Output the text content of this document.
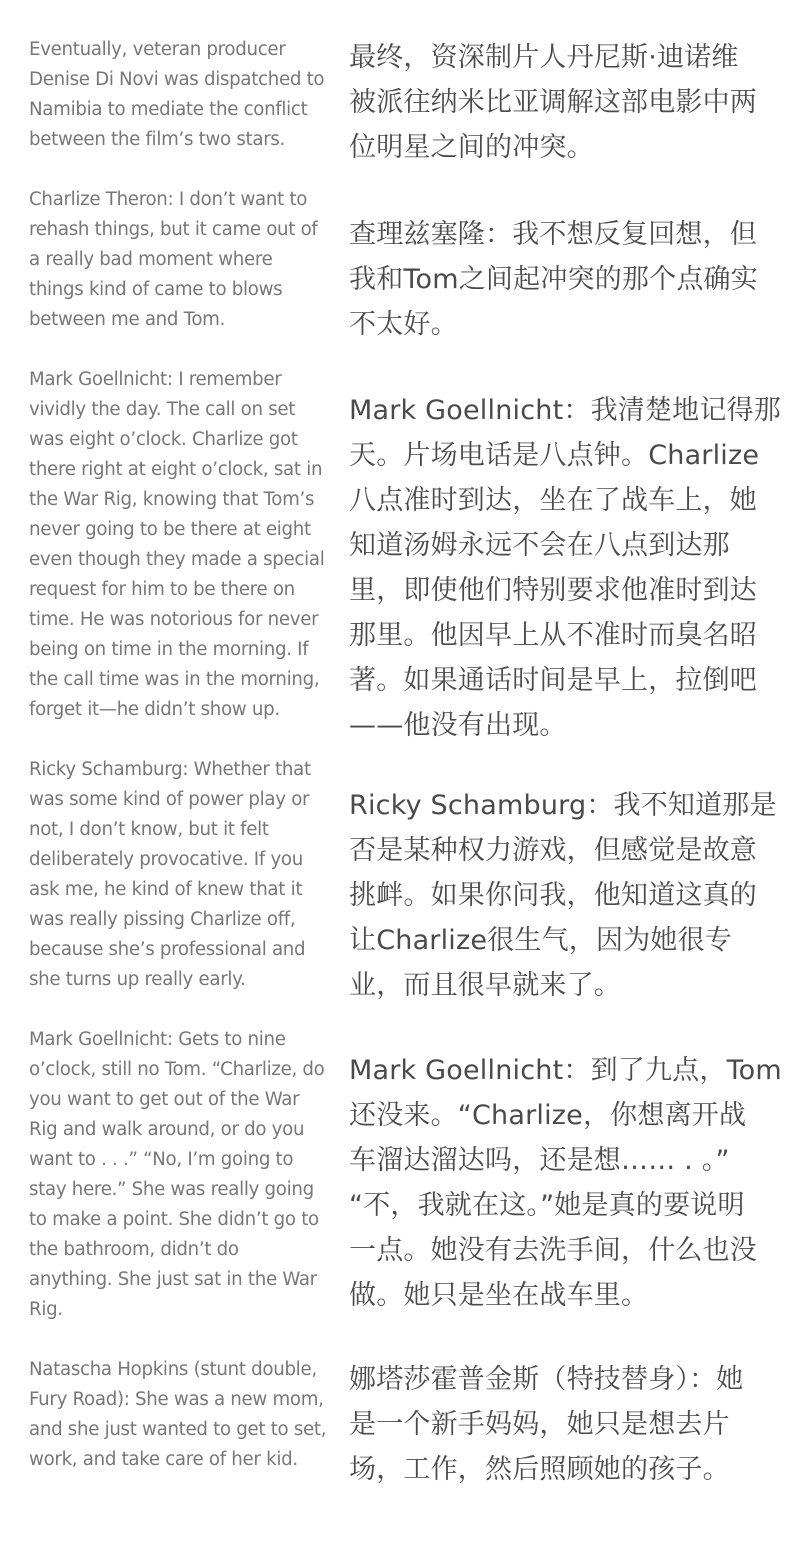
Eventually, veteran producer
Denise Di Novi was dispatched to
Namibia to mediate the conflict
between the film’s two stars.

最终，资深制片人丹尼斯·迪诺维
被派往纳米比亚调解这部电影中两
位明星之间的冲突。

Charlize Theron: I don’t want to
rehash things, but it came out of
a really bad moment where
things kind of came to blows
between me and Tom.

查理兹塞隆：我不想反复回想，但
我和Tom之间起冲突的那个点确实
不太好。

Mark Goellnicht: I remember
vividly the day. The call on set
was eight o’clock. Charlize got
there right at eight o’clock, sat in
the War Rig, knowing that Tom’s
never going to be there at eight
even though they made a special
request for him to be there on
time. He was notorious for never
being on time in the morning. If
the call time was in the morning,
forget it—he didn’t show up.

Mark Goellnicht：我清楚地记得那
天。片场电话是八点钟。Charlize
八点准时到达，坐在了战车上，她
知道汤姆永远不会在八点到达那
里，即使他们特别要求他准时到达
那里。他因早上从不准时而臭名昭
著。如果通话时间是早上，拉倒吧
——他没有出现。

Ricky Schamburg: Whether that
was some kind of power play or
not, I don’t know, but it felt
deliberately provocative. If you
ask me, he kind of knew that it
was really pissing Charlize off,
because she’s professional and
she turns up really early.

Ricky Schamburg：我不知道那是
否是某种权力游戏，但感觉是故意
挑衅。如果你问我，他知道这真的
让Charlize很生气，因为她很专
业，而且很早就来了。

Mark Goellnicht: Gets to nine
o’clock, still no Tom. “Charlize, do
you want to get out of the War
Rig and walk around, or do you
want to . . .” “No, I’m going to
stay here.” She was really going
to make a point. She didn’t go to
the bathroom, didn’t do
anything. She just sat in the War
Rig.

Mark Goellnicht：到了九点，Tom
还没来。“Charlize，你想离开战
车溜达溜达吗，还是想…… . 。”
“不，我就在这。”她是真的要说明
一点。她没有去洗手间，什么也没
做。她只是坐在战车里。

Natascha Hopkins (stunt double,
Fury Road): She was a new mom,
and she just wanted to get to set,
work, and take care of her kid.

娜塔莎霍普金斯（特技替身）：她
是一个新手妈妈，她只是想去片
场，工作，然后照顾她的孩子。
